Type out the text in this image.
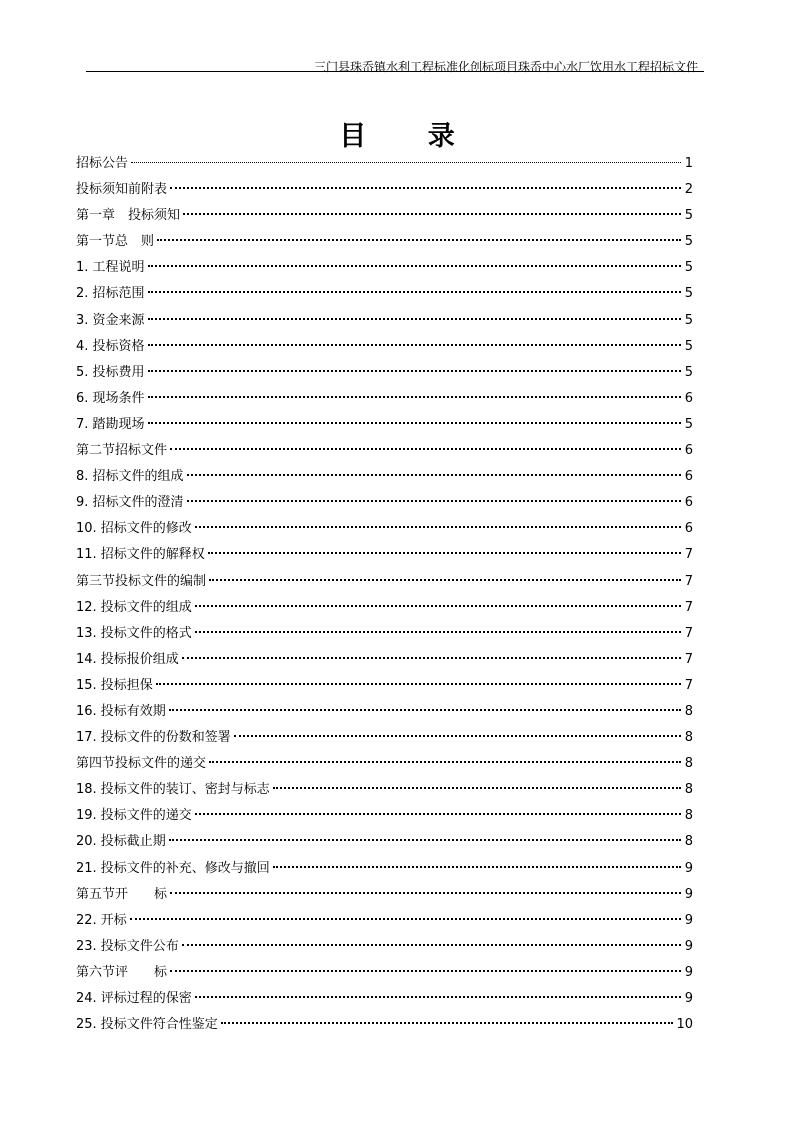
三门县珠岙镇水利工程标准化创标项目珠岙中心水厂饮用水工程招标文件
目 录
招标公告	1
投标须知前附表	2
第一章　投标须知	5
第一节总　则	5
1. 工程说明	5
2. 招标范围	5
3. 资金来源	5
4. 投标资格	5
5. 投标费用	5
6. 现场条件	6
7. 踏勘现场	5
第二节招标文件	6
8. 招标文件的组成	6
9. 招标文件的澄清	6
10. 招标文件的修改	6
11. 招标文件的解释权	7
第三节投标文件的编制	7
12. 投标文件的组成	7
13. 投标文件的格式	7
14. 投标报价组成	7
15. 投标担保	7
16. 投标有效期	8
17. 投标文件的份数和签署	8
第四节投标文件的递交	8
18. 投标文件的装订、密封与标志	8
19. 投标文件的递交	8
20. 投标截止期	8
21. 投标文件的补充、修改与撤回	9
第五节开　　标	9
22. 开标	9
23. 投标文件公布	9
第六节评　　标	9
24. 评标过程的保密	9
25. 投标文件符合性鉴定	10
